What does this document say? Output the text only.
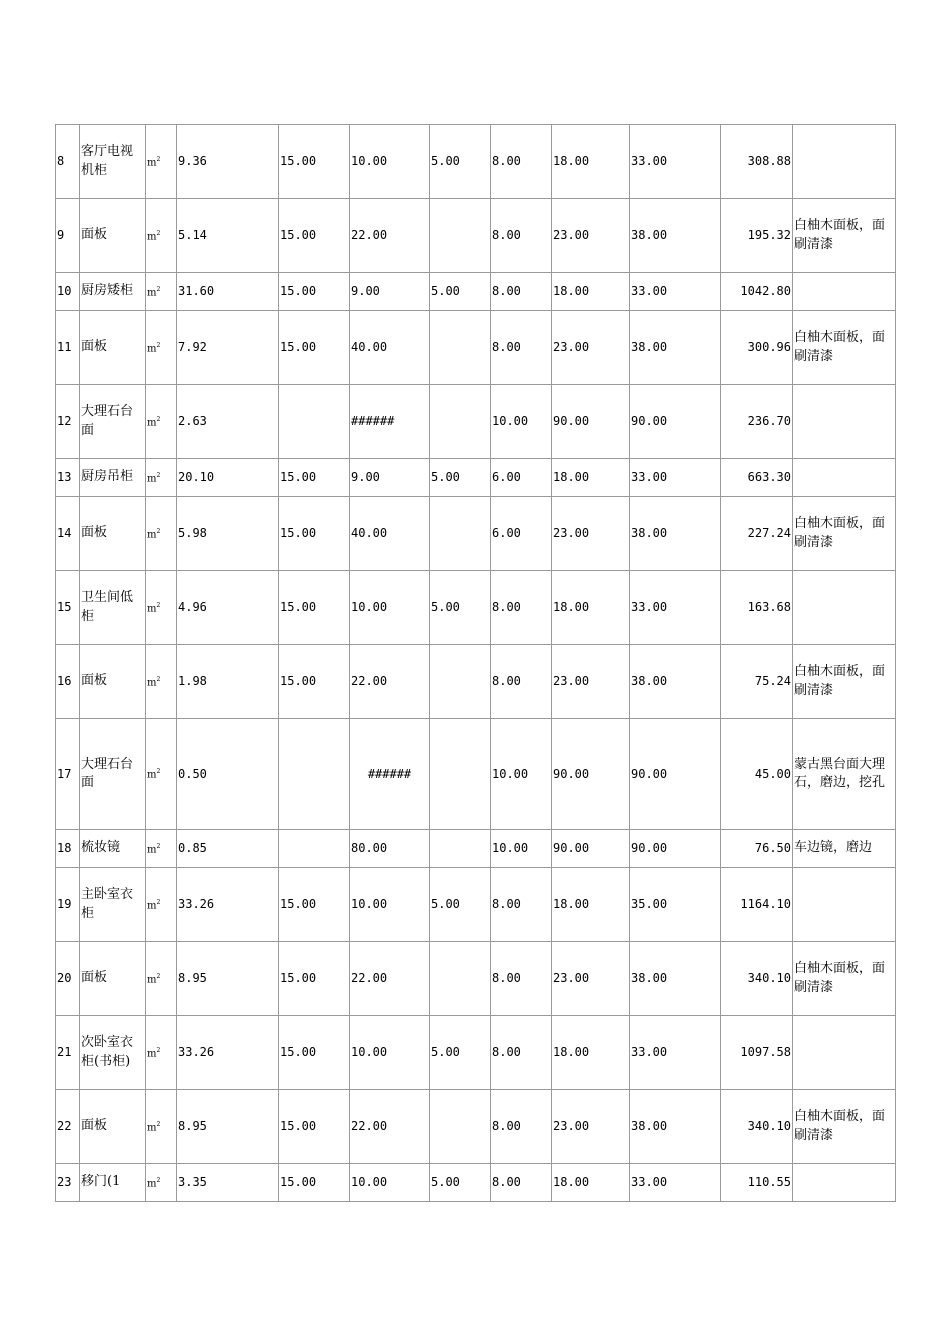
8	客厅电视机柜	$m^2$	9.36	15.00	10.00	5.00	8.00	18.00	33.00	308.88	
9	面板	$m^2$	5.14	15.00	22.00		8.00	23.00	38.00	195.32	白柚木面板，面刷清漆
10	厨房矮柜	$m^2$	31.60	15.00	9.00	5.00	8.00	18.00	33.00	1042.80	
11	面板	$m^2$	7.92	15.00	40.00		8.00	23.00	38.00	300.96	白柚木面板，面刷清漆
12	大理石台面	$m^2$	2.63		######		10.00	90.00	90.00	236.70	
13	厨房吊柜	$m^2$	20.10	15.00	9.00	5.00	6.00	18.00	33.00	663.30	
14	面板	$m^2$	5.98	15.00	40.00		6.00	23.00	38.00	227.24	白柚木面板，面刷清漆
15	卫生间低柜	$m^2$	4.96	15.00	10.00	5.00	8.00	18.00	33.00	163.68	
16	面板	$m^2$	1.98	15.00	22.00		8.00	23.00	38.00	75.24	白柚木面板，面刷清漆
17	大理石台面	$m^2$	0.50		######		10.00	90.00	90.00	45.00	蒙古黑台面大理石，磨边，挖孔
18	梳妆镜	$m^2$	0.85		80.00		10.00	90.00	90.00	76.50	车边镜，磨边
19	主卧室衣柜	$m^2$	33.26	15.00	10.00	5.00	8.00	18.00	35.00	1164.10	
20	面板	$m^2$	8.95	15.00	22.00		8.00	23.00	38.00	340.10	白柚木面板，面刷清漆
21	次卧室衣柜(书柜)	$m^2$	33.26	15.00	10.00	5.00	8.00	18.00	33.00	1097.58	
22	面板	$m^2$	8.95	15.00	22.00		8.00	23.00	38.00	340.10	白柚木面板，面刷清漆
23	移门(1	$m^2$	3.35	15.00	10.00	5.00	8.00	18.00	33.00	110.55	
